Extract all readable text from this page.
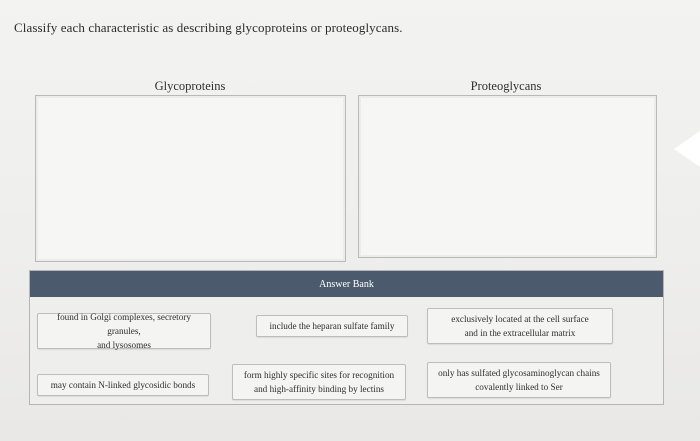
Classify each characteristic as describing glycoproteins or proteoglycans.
Glycoproteins	Proteoglycans
Answer Bank
found in Golgi complexes, secretory granules,
and lysosomes
include the heparan sulfate family
exclusively located at the cell surface
and in the extracellular matrix
may contain N-linked glycosidic bonds
form highly specific sites for recognition
and high-affinity binding by lectins
only has sulfated glycosaminoglycan chains
covalently linked to Ser
